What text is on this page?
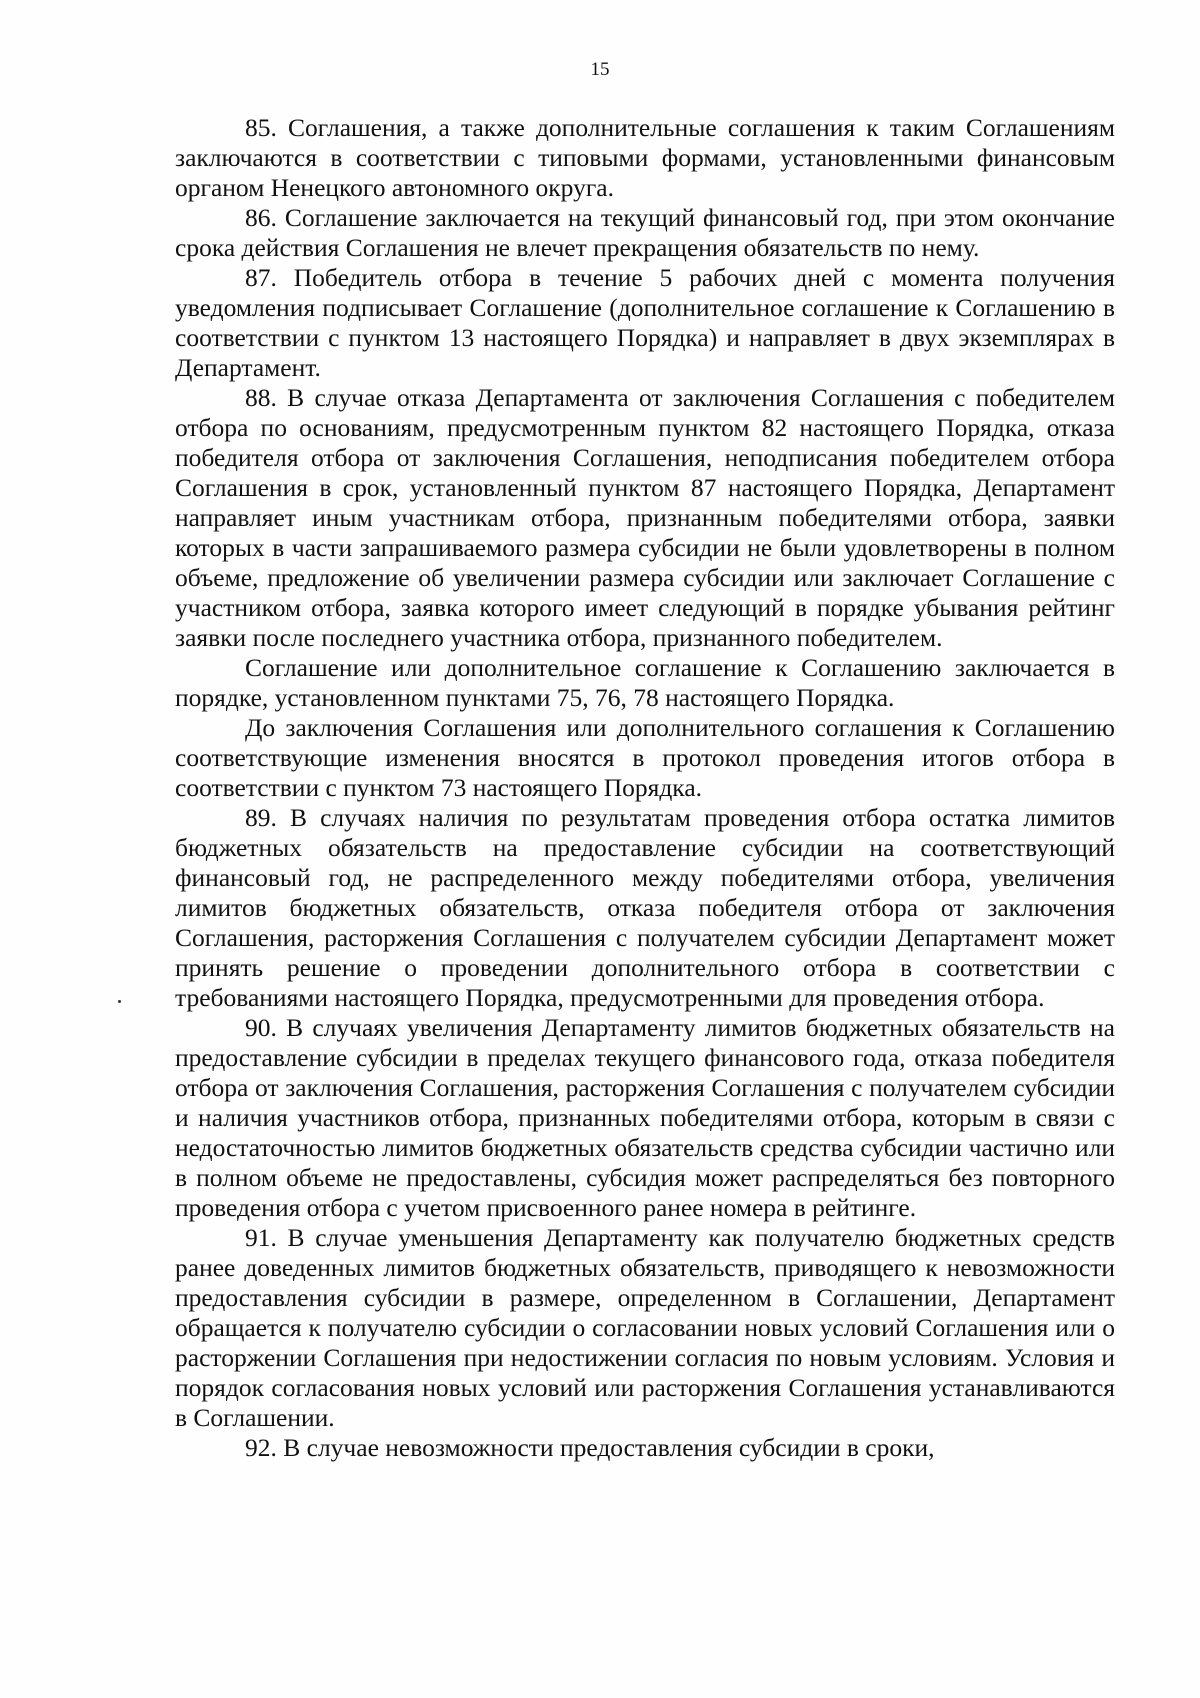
15

85. Соглашения, а также дополнительные соглашения к таким Соглашениям заключаются в соответствии с типовыми формами, установленными финансовым органом Ненецкого автономного округа.

86. Соглашение заключается на текущий финансовый год, при этом окончание срока действия Соглашения не влечет прекращения обязательств по нему.

87. Победитель отбора в течение 5 рабочих дней с момента получения уведомления подписывает Соглашение (дополнительное соглашение к Соглашению в соответствии с пунктом 13 настоящего Порядка) и направляет в двух экземплярах в Департамент.

88. В случае отказа Департамента от заключения Соглашения с победителем отбора по основаниям, предусмотренным пунктом 82 настоящего Порядка, отказа победителя отбора от заключения Соглашения, неподписания победителем отбора Соглашения в срок, установленный пунктом 87 настоящего Порядка, Департамент направляет иным участникам отбора, признанным победителями отбора, заявки которых в части запрашиваемого размера субсидии не были удовлетворены в полном объеме, предложение об увеличении размера субсидии или заключает Соглашение с участником отбора, заявка которого имеет следующий в порядке убывания рейтинг заявки после последнего участника отбора, признанного победителем.

Соглашение или дополнительное соглашение к Соглашению заключается в порядке, установленном пунктами 75, 76, 78 настоящего Порядка.

До заключения Соглашения или дополнительного соглашения к Соглашению соответствующие изменения вносятся в протокол проведения итогов отбора в соответствии с пунктом 73 настоящего Порядка.

89. В случаях наличия по результатам проведения отбора остатка лимитов бюджетных обязательств на предоставление субсидии на соответствующий финансовый год, не распределенного между победителями отбора, увеличения лимитов бюджетных обязательств, отказа победителя отбора от заключения Соглашения, расторжения Соглашения с получателем субсидии Департамент может принять решение о проведении дополнительного отбора в соответствии с требованиями настоящего Порядка, предусмотренными для проведения отбора.

90. В случаях увеличения Департаменту лимитов бюджетных обязательств на предоставление субсидии в пределах текущего финансового года, отказа победителя отбора от заключения Соглашения, расторжения Соглашения с получателем субсидии и наличия участников отбора, признанных победителями отбора, которым в связи с недостаточностью лимитов бюджетных обязательств средства субсидии частично или в полном объеме не предоставлены, субсидия может распределяться без повторного проведения отбора с учетом присвоенного ранее номера в рейтинге.

91. В случае уменьшения Департаменту как получателю бюджетных средств ранее доведенных лимитов бюджетных обязательств, приводящего к невозможности предоставления субсидии в размере, определенном в Соглашении, Департамент обращается к получателю субсидии о согласовании новых условий Соглашения или о расторжении Соглашения при недостижении согласия по новым условиям. Условия и порядок согласования новых условий или расторжения Соглашения устанавливаются в Соглашении.

92. В случае невозможности предоставления субсидии в сроки,
